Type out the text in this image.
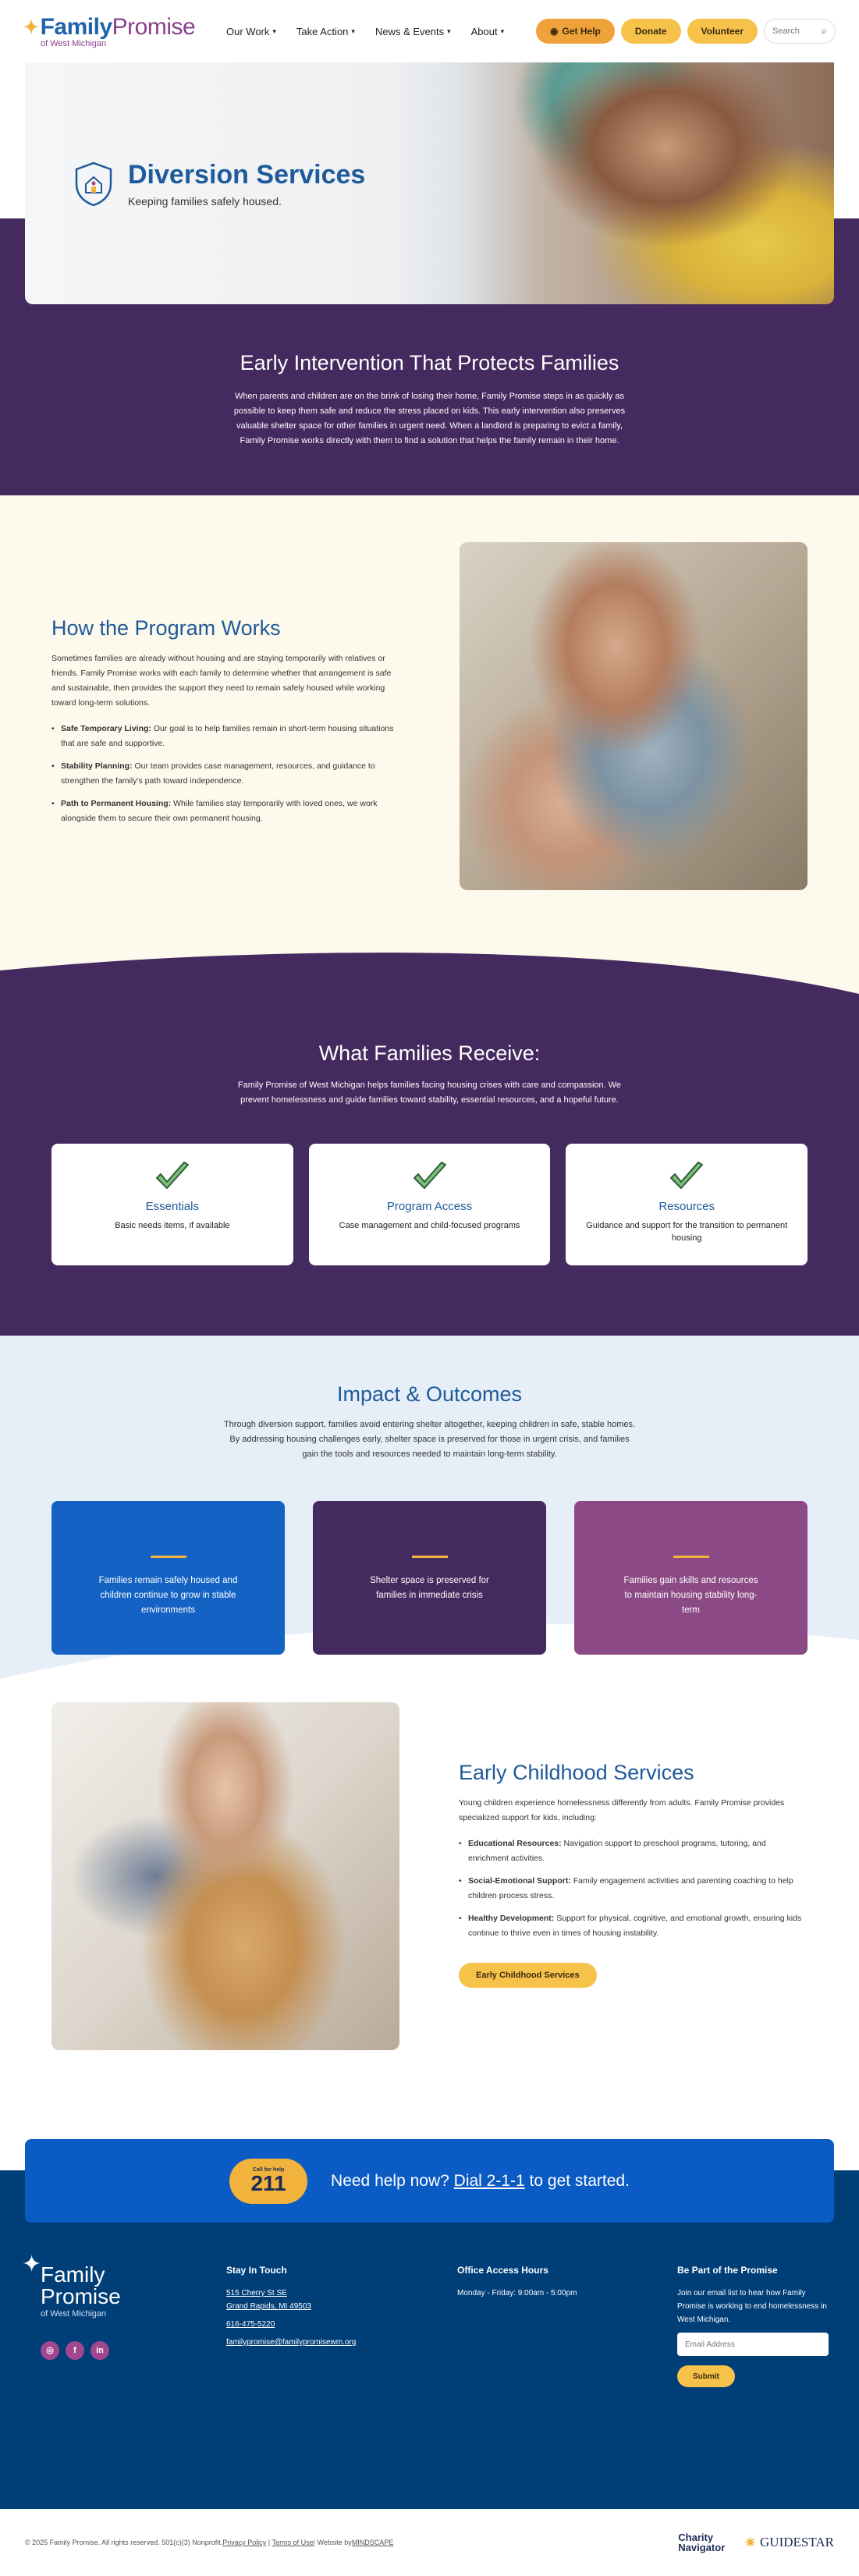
✦ Family Promise
of West Michigan
Our Work ▾ Take Action ▾ News & Events ▾ About ▾	◉ Get Help	Donate	Volunteer	Search ⌕
Diversion Services
Keeping families safely housed.
Early Intervention That Protects Families

When parents and children are on the brink of losing their home, Family Promise steps in as quickly as possible to keep them safe and reduce the stress placed on kids. This early intervention also preserves valuable shelter space for other families in urgent need. When a landlord is preparing to evict a family, Family Promise works directly with them to find a solution that helps the family remain in their home.

How the Program Works

Sometimes families are already without housing and are staying temporarily with relatives or friends. Family Promise works with each family to determine whether that arrangement is safe and sustainable, then provides the support they need to remain safely housed while working toward long-term solutions.

• Safe Temporary Living: Our goal is to help families remain in short-term housing situations that are safe and supportive.
• Stability Planning: Our team provides case management, resources, and guidance to strengthen the family's path toward independence.
• Path to Permanent Housing: While families stay temporarily with loved ones, we work alongside them to secure their own permanent housing.
What Families Receive:

Family Promise of West Michigan helps families facing housing crises with care and compassion. We prevent homelessness and guide families toward stability, essential resources, and a hopeful future.

Essentials
Basic needs items, if available
Program Access
Case management and child-focused programs
Resources
Guidance and support for the transition to permanent housing
Impact & Outcomes

Through diversion support, families avoid entering shelter altogether, keeping children in safe, stable homes. By addressing housing challenges early, shelter space is preserved for those in urgent crisis, and families gain the tools and resources needed to maintain long-term stability.

Families remain safely housed and children continue to grow in stable environments
Shelter space is preserved for families in immediate crisis
Families gain skills and resources to maintain housing stability long-term
Early Childhood Services

Young children experience homelessness differently from adults. Family Promise provides specialized support for kids, including:

• Educational Resources: Navigation support to preschool programs, tutoring, and enrichment activities.
• Social-Emotional Support: Family engagement activities and parenting coaching to help children process stress.
• Healthy Development: Support for physical, cognitive, and emotional growth, ensuring kids continue to thrive even in times of housing instability.
Early Childhood Services
Call for help
211	Need help now? Dial 2-1-1 to get started.
✦
Family
Promise
of West Michigan
◎	f	in
Stay In Touch
515 Cherry St SE
Grand Rapids, MI 49503
616-475-5220
familypromise@familypromisewm.org
Office Access Hours
Monday - Friday: 9:00am - 5:00pm
Be Part of the Promise

Join our email list to hear how Family Promise is working to end homelessness in West Michigan.

Email Address
Submit
© 2025 Family Promise. All rights reserved. 501(c)(3) Nonprofit. Privacy Policy | Terms of Use | Website by MINDSCAPE	Charity
Navigator ✷ GUIDESTAR
